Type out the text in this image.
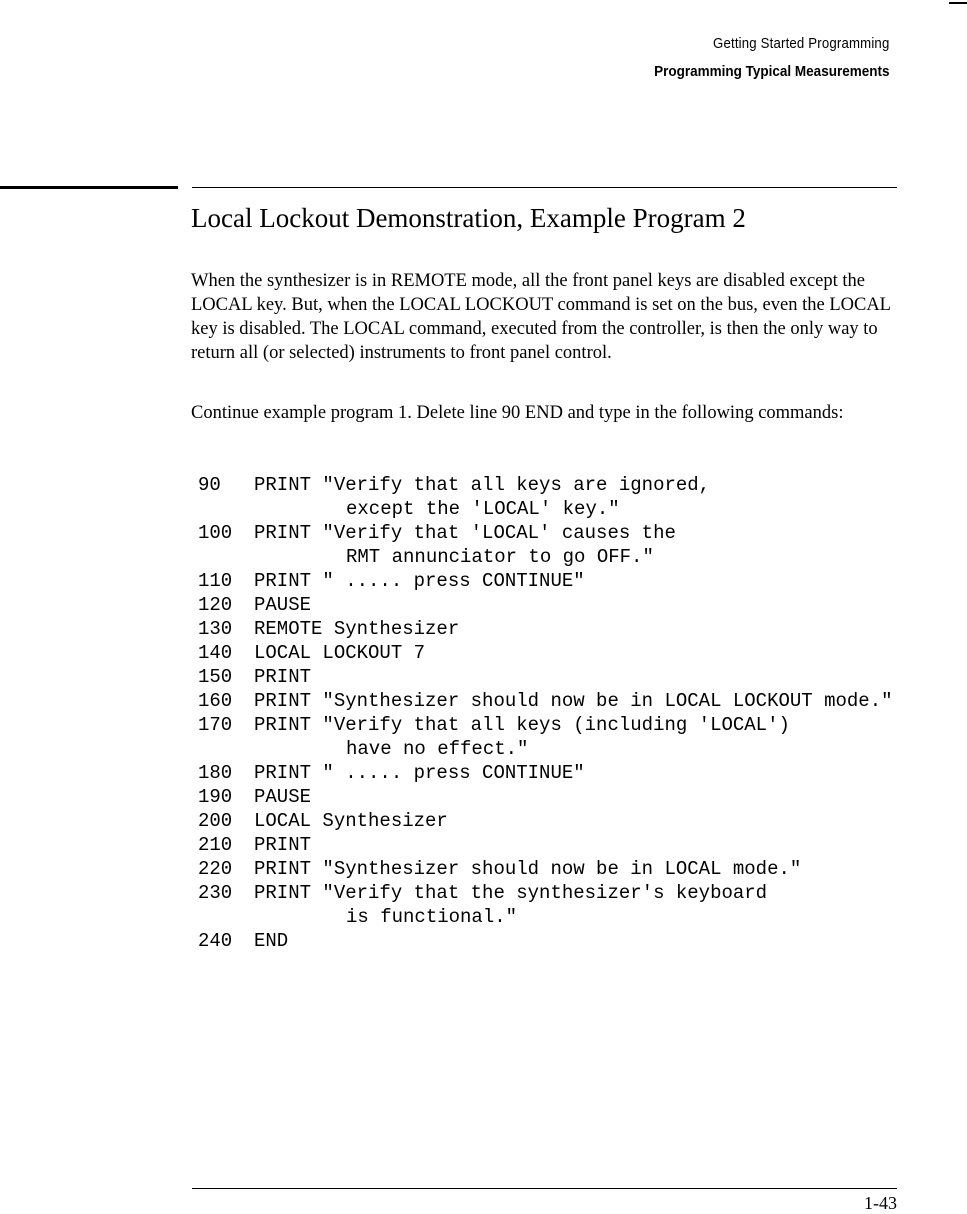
Getting Started Programming
Programming Typical Measurements
Local Lockout Demonstration, Example Program 2

When the synthesizer is in REMOTE mode, all the front panel keys are disabled except the LOCAL key. But, when the LOCAL LOCKOUT command is set on the bus, even the LOCAL key is disabled. The LOCAL command, executed from the controller, is then the only way to return all (or selected) instruments to front panel control.

Continue example program 1. Delete line 90 END and type in the following commands:

90	PRINT "Verify that all keys are ignored,
except the 'LOCAL' key."
100	PRINT "Verify that 'LOCAL' causes the
RMT annunciator to go OFF."
110	PRINT " ..... press CONTINUE"
120	PAUSE
130	REMOTE Synthesizer
140	LOCAL LOCKOUT 7
150	PRINT
160	PRINT "Synthesizer should now be in LOCAL LOCKOUT mode."
170	PRINT "Verify that all keys (including 'LOCAL')
have no effect."
180	PRINT " ..... press CONTINUE"
190	PAUSE
200	LOCAL Synthesizer
210	PRINT
220	PRINT "Synthesizer should now be in LOCAL mode."
230	PRINT "Verify that the synthesizer's keyboard
is functional."
240	END
1-43
